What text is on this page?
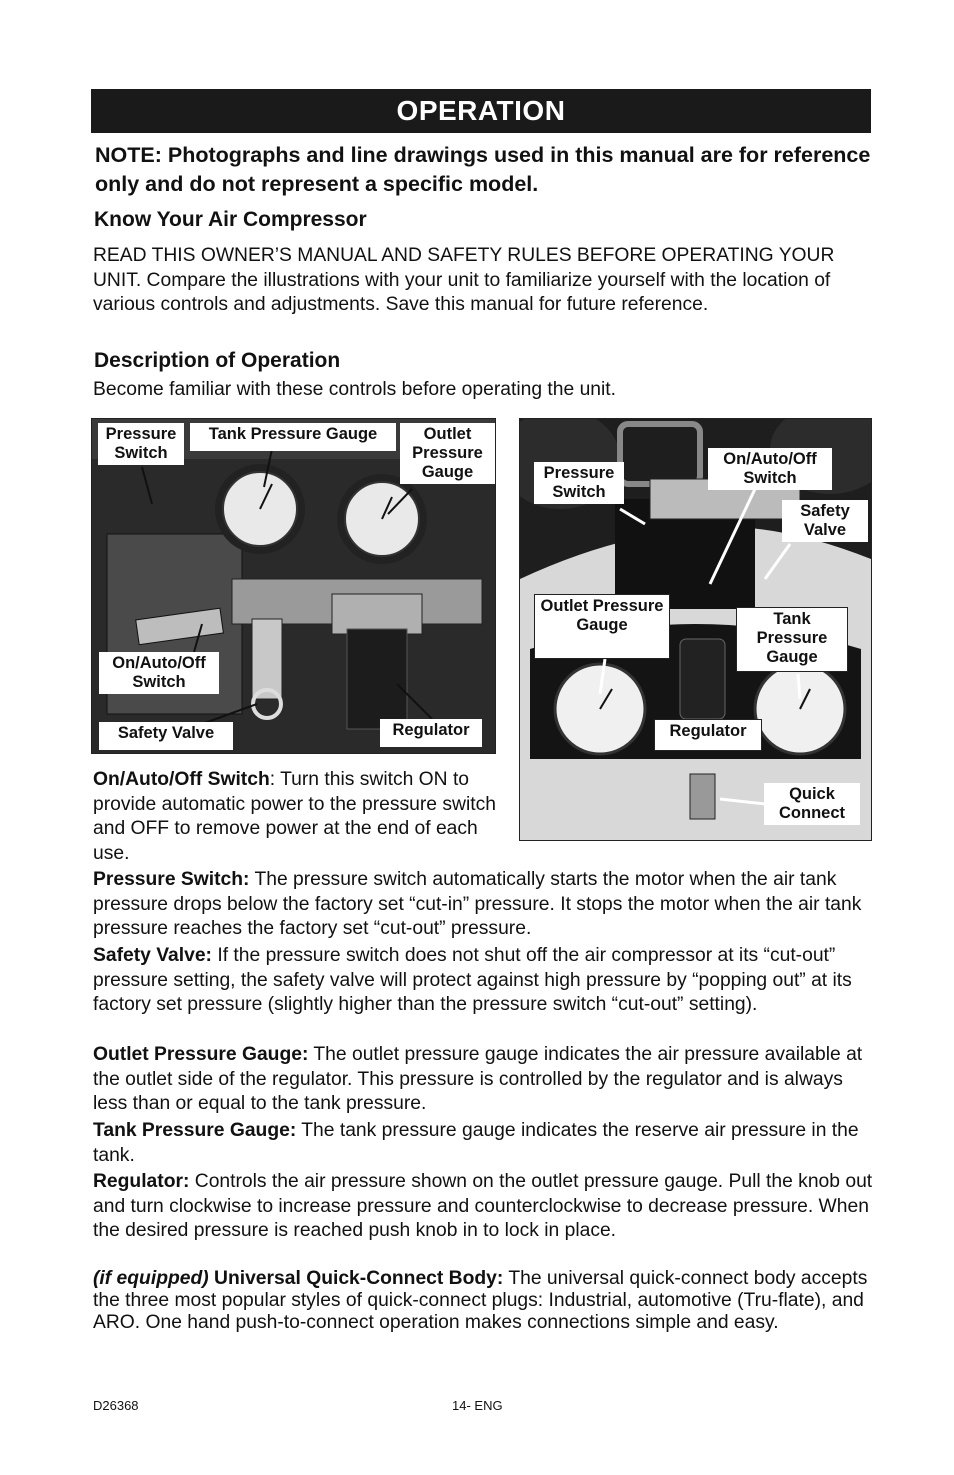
OPERATION
NOTE: Photographs and line drawings used in this manual are for reference only and do not represent a specific model.
Know Your Air Compressor
READ THIS OWNER’S MANUAL AND SAFETY RULES BEFORE OPERATING YOUR UNIT. Compare the illustrations with your unit to familiarize yourself with the location of various controls and adjustments. Save this manual for future reference.
Description of Operation
Become familiar with these controls before operating the unit.
Pressure Switch
Tank Pressure Gauge	Outlet Pressure Gauge
On/Auto/Off Switch
Safety Valve	Regulator
Pressure Switch
On/Auto/Off Switch
Safety Valve
Outlet Pressure Gauge	Tank Pressure Gauge
Regulator
Quick Connect
On/Auto/Off Switch: Turn this switch ON to provide automatic power to the pressure switch and OFF to remove power at the end of each use.
Pressure Switch: The pressure switch automatically starts the motor when the air tank pressure drops below the factory set “cut-in” pressure. It stops the motor when the air tank pressure reaches the factory set “cut-out” pressure.
Safety Valve: If the pressure switch does not shut off the air compressor at its “cut-out” pressure setting, the safety valve will protect against high pressure by “popping out” at its factory set pressure (slightly higher than the pressure switch “cut-out” setting).
Outlet Pressure Gauge: The outlet pressure gauge indicates the air pressure available at the outlet side of the regulator. This pressure is controlled by the regulator and is always less than or equal to the tank pressure.
Tank Pressure Gauge: The tank pressure gauge indicates the reserve air pressure in the tank.
Regulator: Controls the air pressure shown on the outlet pressure gauge. Pull the knob out and turn clockwise to increase pressure and counterclockwise to decrease pressure. When the desired pressure is reached push knob in to lock in place.
(if equipped) Universal Quick-Connect Body: The universal quick-connect body accepts the three most popular styles of quick-connect plugs: Industrial, automotive (Tru-flate), and ARO. One hand push-to-connect operation makes connections simple and easy.
D26368	14- ENG
